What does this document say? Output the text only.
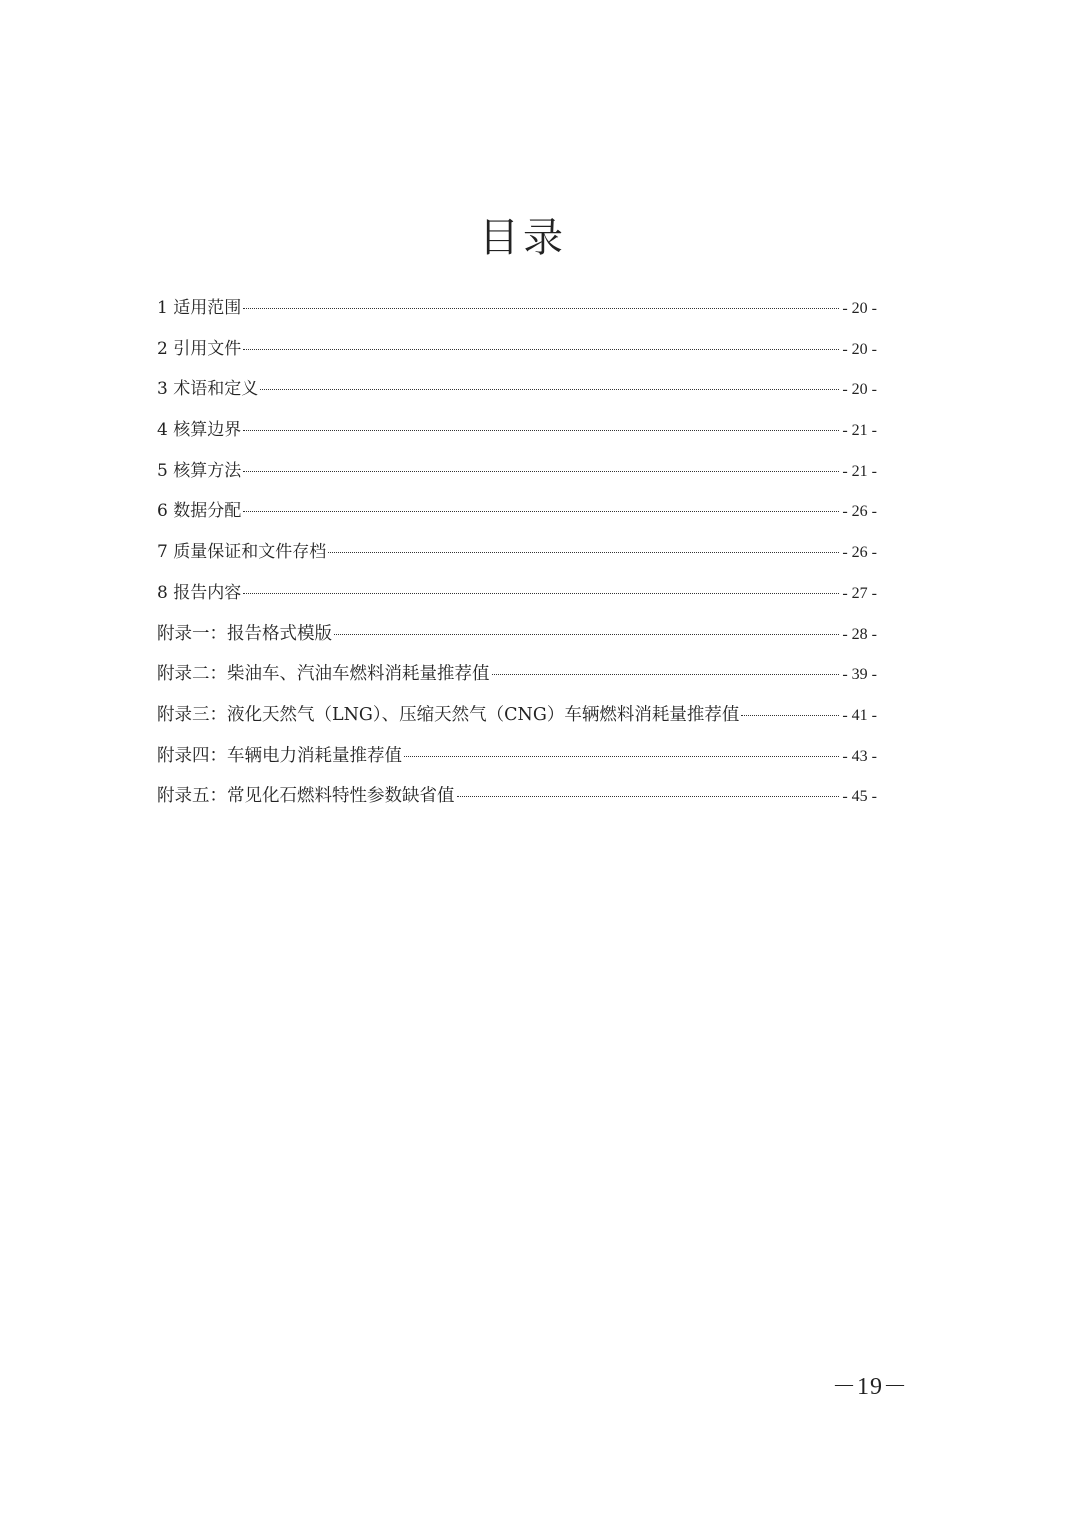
目录
1 适用范围	- 20 -
2 引用文件	- 20 -
3 术语和定义	- 20 -
4 核算边界	- 21 -
5 核算方法	- 21 -
6 数据分配	- 26 -
7 质量保证和文件存档	- 26 -
8 报告内容	- 27 -
附录一：报告格式模版	- 28 -
附录二：柴油车、汽油车燃料消耗量推荐值	- 39 -
附录三：液化天然气（LNG）、压缩天然气（CNG）车辆燃料消耗量推荐值	- 41 -
附录四：车辆电力消耗量推荐值	- 43 -
附录五：常见化石燃料特性参数缺省值	- 45 -
－19－
